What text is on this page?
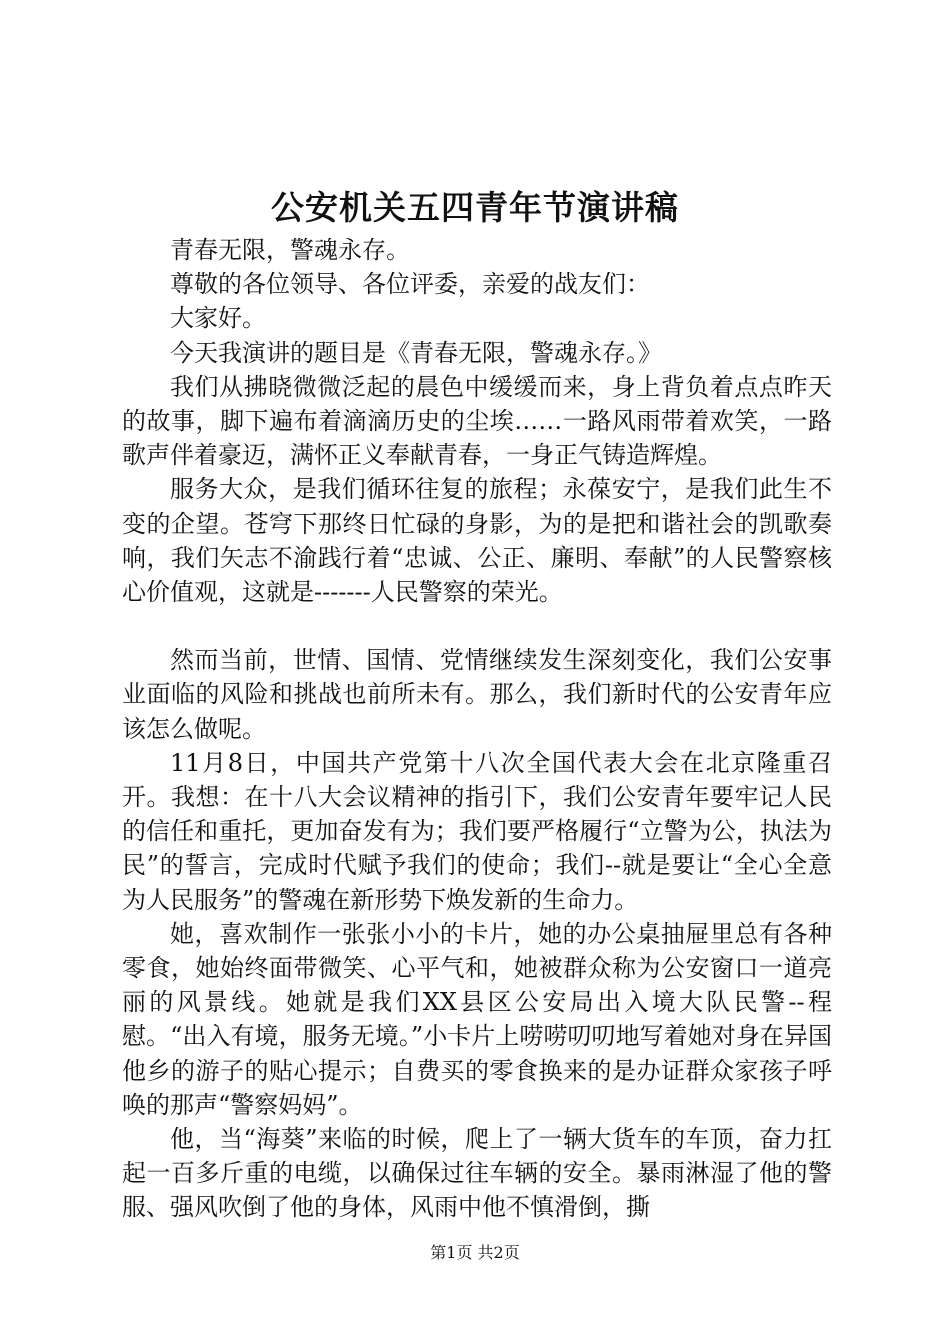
公安机关五四青年节演讲稿

青春无限，警魂永存。

尊敬的各位领导、各位评委，亲爱的战友们：

大家好。

今天我演讲的题目是《青春无限，警魂永存。》

我们从拂晓微微泛起的晨色中缓缓而来，身上背负着点点昨天的故事，脚下遍布着滴滴历史的尘埃……一路风雨带着欢笑，一路歌声伴着豪迈，满怀正义奉献青春，一身正气铸造辉煌。

服务大众，是我们循环往复的旅程；永葆安宁，是我们此生不变的企望。苍穹下那终日忙碌的身影，为的是把和谐社会的凯歌奏响，我们矢志不渝践行着“忠诚、公正、廉明、奉献”的人民警察核心价值观，这就是-------人民警察的荣光。

然而当前，世情、国情、党情继续发生深刻变化，我们公安事业面临的风险和挑战也前所未有。那么，我们新时代的公安青年应该怎么做呢。

11月8日，中国共产党第十八次全国代表大会在北京隆重召开。我想：在十八大会议精神的指引下，我们公安青年要牢记人民的信任和重托，更加奋发有为；我们要严格履行“立警为公，执法为民”的誓言，完成时代赋予我们的使命；我们--就是要让“全心全意为人民服务”的警魂在新形势下焕发新的生命力。

她，喜欢制作一张张小小的卡片，她的办公桌抽屉里总有各种零食，她始终面带微笑、心平气和，她被群众称为公安窗口一道亮丽的风景线。她就是我们XX县区公安局出入境大队民警--程慰。“出入有境，服务无境。”小卡片上唠唠叨叨地写着她对身在异国他乡的游子的贴心提示；自费买的零食换来的是办证群众家孩子呼唤的那声“警察妈妈”。

他，当“海葵”来临的时候，爬上了一辆大货车的车顶，奋力扛起一百多斤重的电缆，以确保过往车辆的安全。暴雨淋湿了他的警服、强风吹倒了他的身体，风雨中他不慎滑倒，撕

第1页 共2页
